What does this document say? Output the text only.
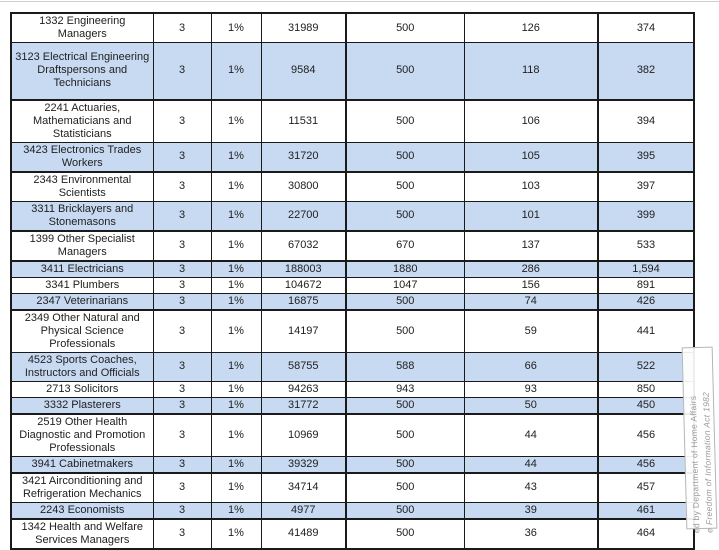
1332 Engineering Managers	3	1%	31989	500	126	374
3123 Electrical Engineering Draftspersons and Technicians	3	1%	9584	500	118	382
2241 Actuaries, Mathematicians and Statisticians	3	1%	11531	500	106	394
3423 Electronics Trades Workers	3	1%	31720	500	105	395
2343 Environmental Scientists	3	1%	30800	500	103	397
3311 Bricklayers and Stonemasons	3	1%	22700	500	101	399
1399 Other Specialist Managers	3	1%	67032	670	137	533
3411 Electricians	3	1%	188003	1880	286	1,594
3341 Plumbers	3	1%	104672	1047	156	891
2347 Veterinarians	3	1%	16875	500	74	426
2349 Other Natural and Physical Science Professionals	3	1%	14197	500	59	441
4523 Sports Coaches, Instructors and Officials	3	1%	58755	588	66	522
2713 Solicitors	3	1%	94263	943	93	850
3332 Plasterers	3	1%	31772	500	50	450
2519 Other Health Diagnostic and Promotion Professionals	3	1%	10969	500	44	456
3941 Cabinetmakers	3	1%	39329	500	44	456
3421 Airconditioning and Refrigeration Mechanics	3	1%	34714	500	43	457
2243 Economists	3	1%	4977	500	39	461
1342 Health and Welfare Services Managers	3	1%	41489	500	36	464	ed by Department of Home Affairs e Freedom of Information Act 1982
